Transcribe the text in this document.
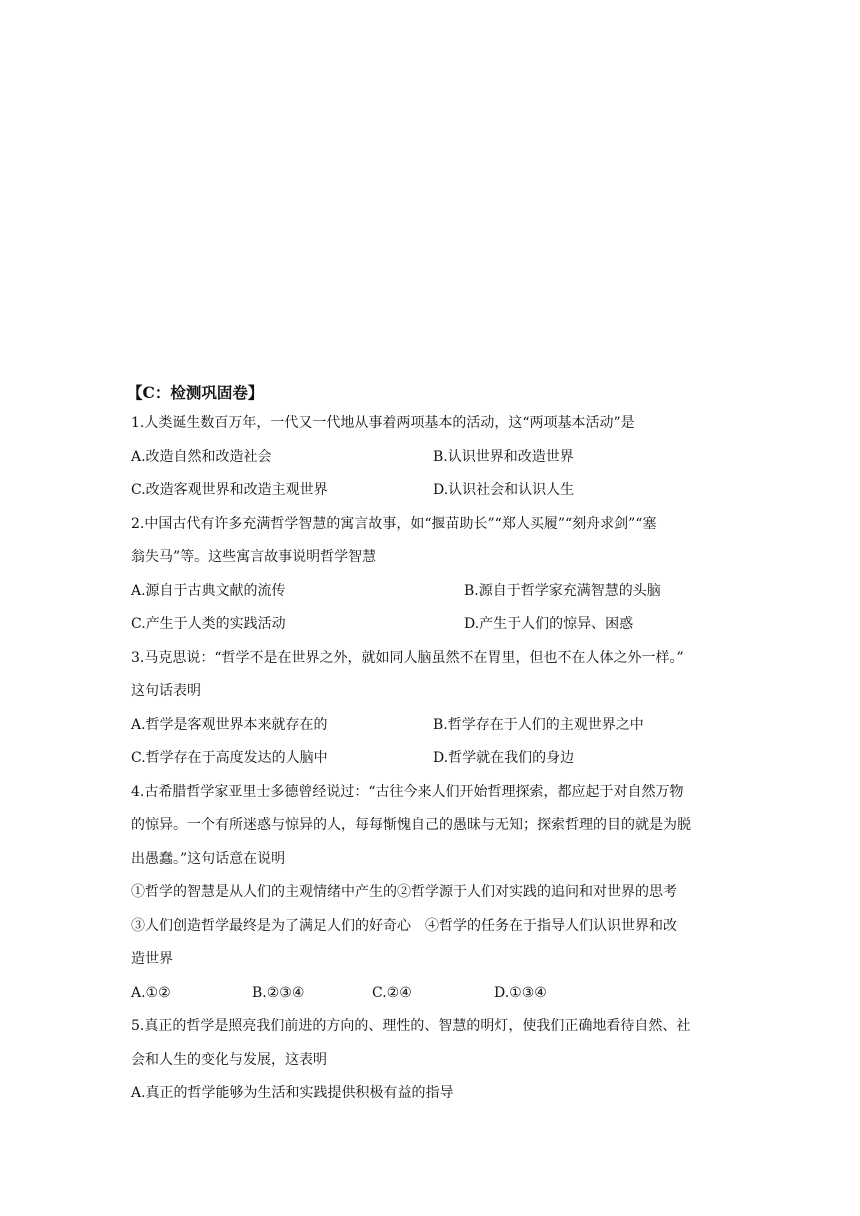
【C：检测巩固卷】
1.人类诞生数百万年，一代又一代地从事着两项基本的活动，这“两项基本活动”是
A.改造自然和改造社会	B.认识世界和改造世界
C.改造客观世界和改造主观世界	D.认识社会和认识人生
2.中国古代有许多充满哲学智慧的寓言故事，如“揠苗助长”“郑人买履”“刻舟求剑”“塞
翁失马”等。这些寓言故事说明哲学智慧
A.源自于古典文献的流传	B.源自于哲学家充满智慧的头脑
C.产生于人类的实践活动	D.产生于人们的惊异、困惑
3.马克思说：“哲学不是在世界之外，就如同人脑虽然不在胃里，但也不在人体之外一样。”
这句话表明
A.哲学是客观世界本来就存在的	B.哲学存在于人们的主观世界之中
C.哲学存在于高度发达的人脑中	D.哲学就在我们的身边
4.古希腊哲学家亚里士多德曾经说过：“古往今来人们开始哲理探索，都应起于对自然万物
的惊异。一个有所迷惑与惊异的人，每每惭愧自己的愚昧与无知；探索哲理的目的就是为脱
出愚蠢。”这句话意在说明
①哲学的智慧是从人们的主观情绪中产生的②哲学源于人们对实践的追问和对世界的思考
③人们创造哲学最终是为了满足人们的好奇心　④哲学的任务在于指导人们认识世界和改
造世界
A.①②	B.②③④	C.②④	D.①③④
5.真正的哲学是照亮我们前进的方向的、理性的、智慧的明灯，使我们正确地看待自然、社
会和人生的变化与发展，这表明
A.真正的哲学能够为生活和实践提供积极有益的指导
